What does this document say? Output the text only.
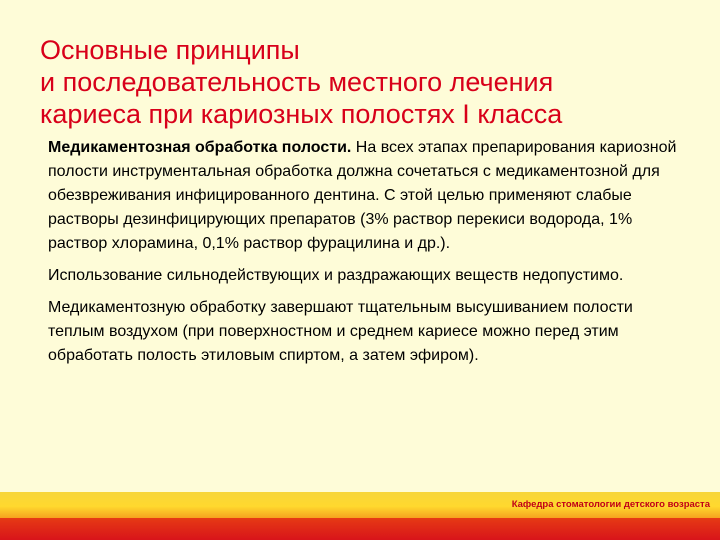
Основные принципы
и последовательность местного лечения
кариеса при кариозных полостях I класса

Медикаментозная обработка полости. На всех этапах препарирования кариозной полости инструментальная обработка должна сочетаться с медикаментозной для обезвреживания инфицированного дентина. С этой целью применяют слабые растворы дезинфицирующих препаратов (3% раствор перекиси водорода, 1% раствор хлорамина, 0,1% раствор фурацилина и др.).

Использование сильнодействующих и раздражающих веществ недопустимо.

Медикаментозную обработку завершают тщательным высушиванием полости теплым воздухом (при поверхностном и среднем кариесе можно перед этим обработать полость этиловым спиртом, а затем эфиром).

Кафедра стоматологии детского возраста
